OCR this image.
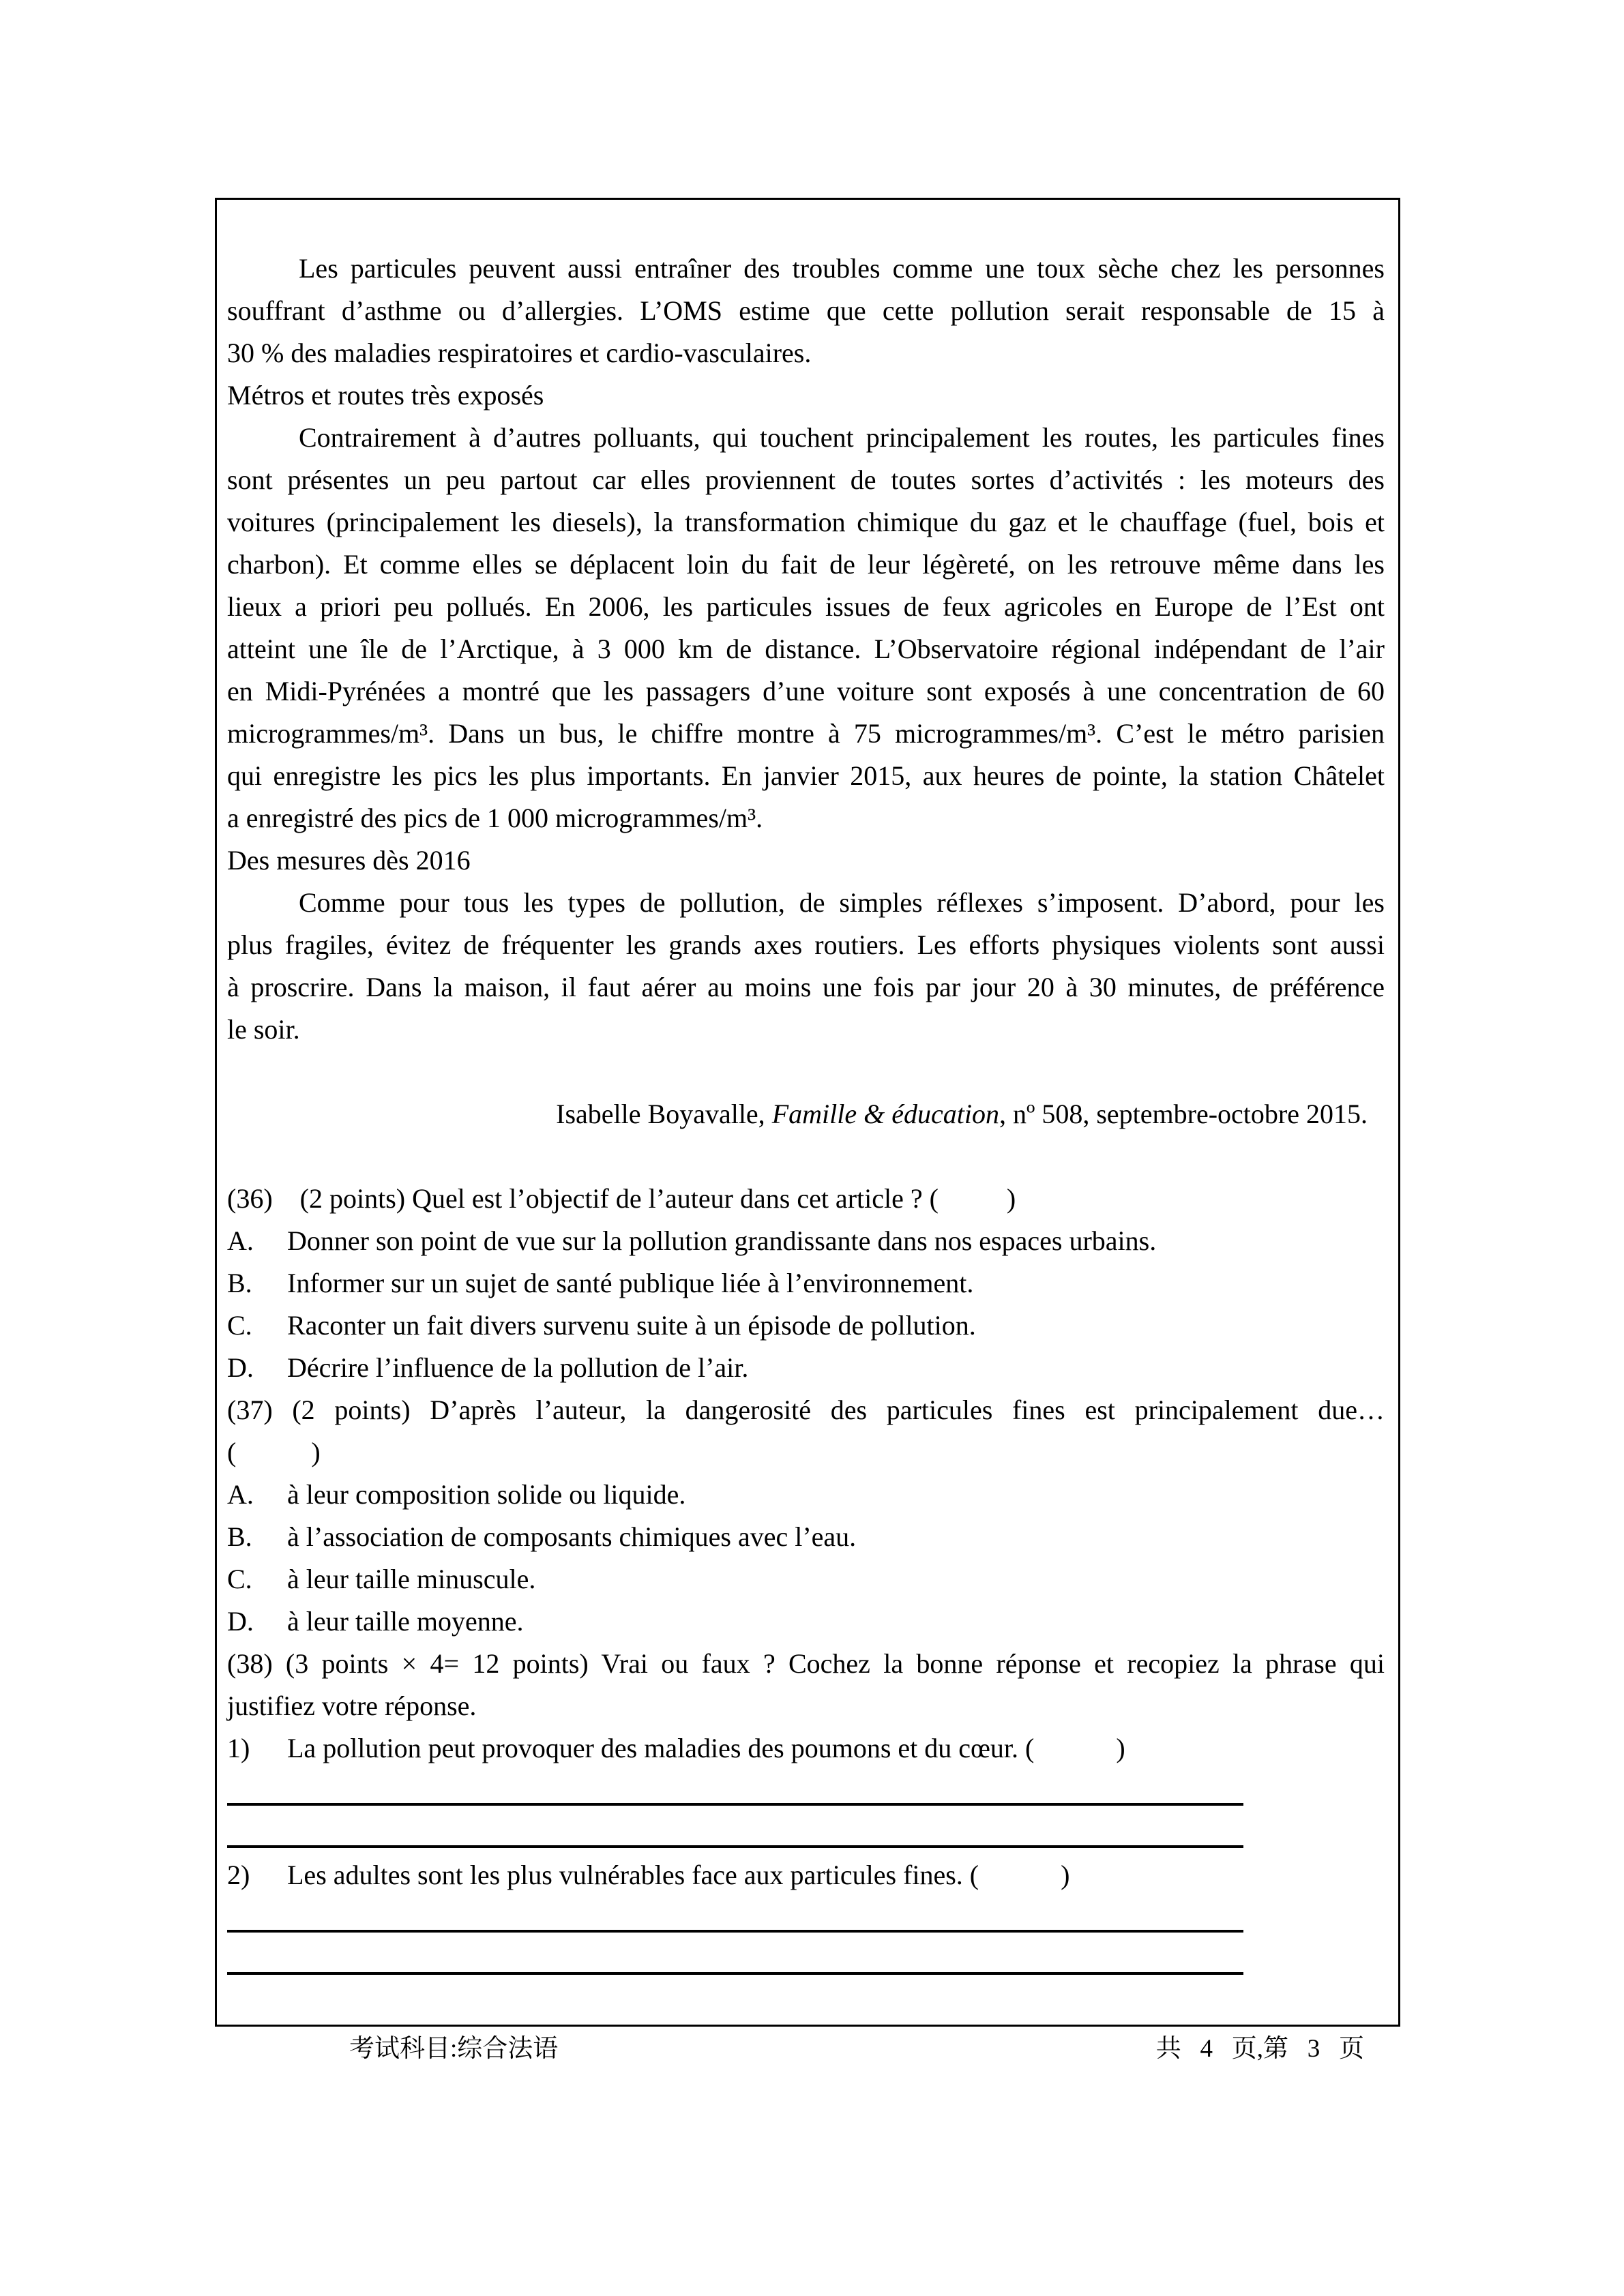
Les particules peuvent aussi entraîner des troubles comme une toux sèche chez les personnes
souffrant d’asthme ou d’allergies. L’OMS estime que cette pollution serait responsable de 15 à
30 % des maladies respiratoires et cardio-vasculaires.
Métros et routes très exposés
Contrairement à d’autres polluants, qui touchent principalement les routes, les particules fines
sont présentes un peu partout car elles proviennent de toutes sortes d’activités : les moteurs des
voitures (principalement les diesels), la transformation chimique du gaz et le chauffage (fuel, bois et
charbon). Et comme elles se déplacent loin du fait de leur légèreté, on les retrouve même dans les
lieux a priori peu pollués. En 2006, les particules issues de feux agricoles en Europe de l’Est ont
atteint une île de l’Arctique, à 3 000 km de distance. L’Observatoire régional indépendant de l’air
en Midi-Pyrénées a montré que les passagers d’une voiture sont exposés à une concentration de 60
microgrammes/m³. Dans un bus, le chiffre montre à 75 microgrammes/m³. C’est le métro parisien
qui enregistre les pics les plus importants. En janvier 2015, aux heures de pointe, la station Châtelet
a enregistré des pics de 1 000 microgrammes/m³.
Des mesures dès 2016
Comme pour tous les types de pollution, de simples réflexes s’imposent. D’abord, pour les
plus fragiles, évitez de fréquenter les grands axes routiers. Les efforts physiques violents sont aussi
à proscrire. Dans la maison, il faut aérer au moins une fois par jour 20 à 30 minutes, de préférence
le soir.
Isabelle Boyavalle, Famille & éducation, nº 508, septembre-octobre 2015.
(36)    (2 points) Quel est l’objectif de l’auteur dans cet article ? (          )
A.	Donner son point de vue sur la pollution grandissante dans nos espaces urbains.
B.	Informer sur un sujet de santé publique liée à l’environnement.
C.	Raconter un fait divers survenu suite à un épisode de pollution.
D.	Décrire l’influence de la pollution de l’air.
(37) (2 points) D’après l’auteur, la dangerosité des particules fines est principalement due…
(           )
A.	à leur composition solide ou liquide.
B.	à l’association de composants chimiques avec l’eau.
C.	à leur taille minuscule.
D.	à leur taille moyenne.
(38) (3 points × 4= 12 points) Vrai ou faux ? Cochez la bonne réponse et recopiez la phrase qui
justifiez votre réponse.
1)	La pollution peut provoquer des maladies des poumons et du cœur. (            )
2)	Les adultes sont les plus vulnérables face aux particules fines. (            )
考试科目:综合法语	共   4   页,第   3   页
